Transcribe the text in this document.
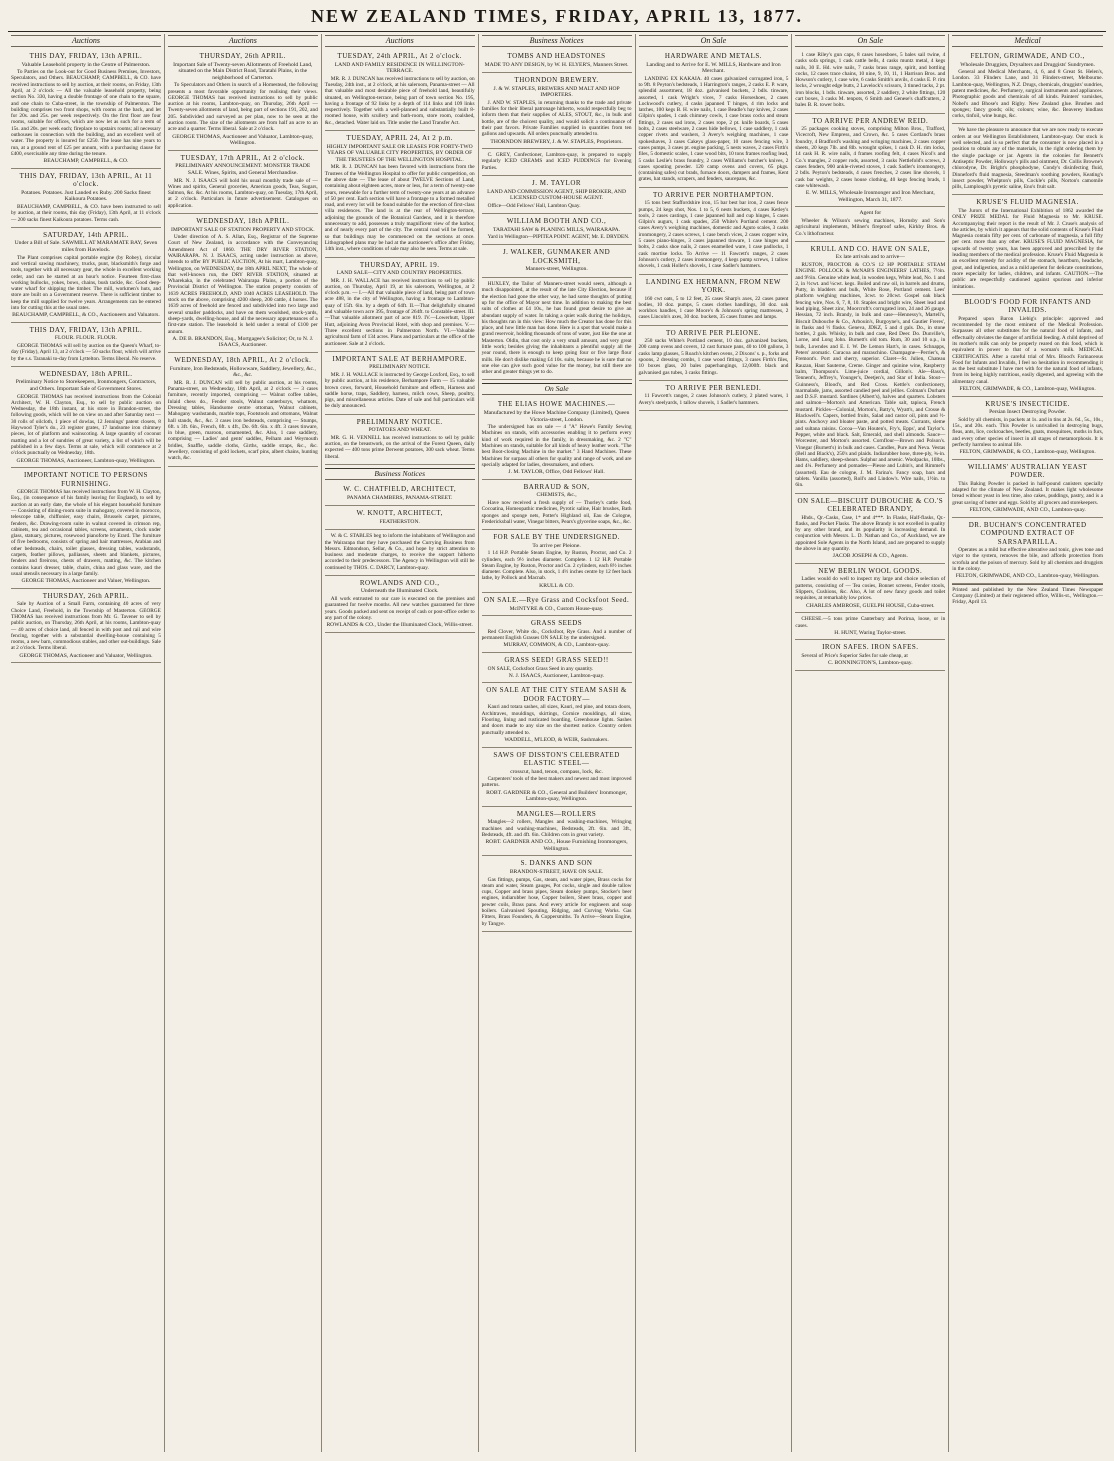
NEW ZEALAND TIMES, FRIDAY, APRIL 13, 1877.
Auctions
THIS DAY, FRIDAY, 13th APRIL.
Valuable Leasehold property in the Centre of Palmerston.

To Parties on the Look-out for Good Business Premises, Investors, Speculators, and Others. BEAUCHAMP, CAMPBELL, & CO. have received instructions to sell by auction, at their rooms, on Friday, 13th April, at 2 o'clock — All the valuable leasehold property, being section No. 330, having a double frontage of one chain to the square, and one chain to Cuba-street, in the township of Palmerston. The building comprises two front shops, with rooms at the back, and let for 20s. and 25s. per week respectively. On the first floor are four rooms, suitable for offices, which are now let as such for a term of 15s. and 20s. per week each; fireplace to upstairs rooms; all necessary outhouses in connection with the building, and an excellent well of water. The property is insured for £250. The lease has nine years to run, at a ground rent of £25 per annum, with a purchasing clause for £400, exercisable any time during the tenure.

BEAUCHAMP, CAMPBELL, & CO.
THIS DAY, FRIDAY, 13th APRIL, At 11 o'clock.
Potatoes. Potatoes. Just Landed ex Ruby. 200 Sacks finest Kaikoura Potatoes.

BEAUCHAMP, CAMPBELL, & CO. have been instructed to sell by auction, at their rooms, this day (Friday), 13th April, at 11 o'clock — 200 sacks finest Kaikoura potatoes. Terms cash.

SATURDAY, 14th APRIL.
Under a Bill of Sale. SAWMILL AT MARAMATE BAY, Seven miles from Havelock.

The Plant comprises capital portable engine (by Robey), circular and vertical sawing machinery, trucks, punt, blacksmith's forge and tools, together with all necessary gear, the whole in excellent working order, and can be started at an hour's notice. Fourteen first-class working bullocks, yokes, bows, chains, bush tackle, &c. Good deep-water wharf for shipping the timber. The mill, workmen's huts, and store are built on a Government reserve. There is sufficient timber to keep the mill supplied for twelve years. Arrangements can be entered into for cutting this at the usual rates.

BEAUCHAMP, CAMPBELL, & CO., Auctioneers and Valuators.
THIS DAY, FRIDAY, 13th APRIL.
FLOUR. FLOUR. FLOUR.

GEORGE THOMAS will sell by auction on the Queen's Wharf, to-day (Friday), April 13, at 2 o'clock — 50 sacks flour, which will arrive by the s.s. Taranaki to-day from Lyttelton. Terms liberal. No reserve.

WEDNESDAY, 18th APRIL.
Preliminary Notice to Storekeepers, Ironmongers, Contractors, and Others. Important Sale of Government Stores.

GEORGE THOMAS has received instructions from the Colonial Architect, W. H. Clayton, Esq., to sell by public auction on Wednesday, the 18th instant, at his store in Brandon-street, the following goods, which will be on view on and after Saturday next — 30 rolls of oilcloth, 1 piece of dowlas, 12 Jennings' patent closets, 8 Haywood Tyler's do., 23 register grates, 17 landsome iron chimney pieces, lot of platform and wainscoting. A large quantity of coconut matting and a lot of sundries of great variety, a list of which will be published in a few days. Terms at sale, which will commence at 2 o'clock punctually on Wednesday, 18th.

GEORGE THOMAS, Auctioneer, Lambton-quay, Wellington.
IMPORTANT NOTICE TO PERSONS FURNISHING.

GEORGE THOMAS has received instructions from W. H. Clayton, Esq., (in consequence of his family leaving for England), to sell by auction at an early date, the whole of his elegant household furniture — Consisting of dining-room suite in mahogany, covered in morocco, telescope table, chiffonier, easy chairs, Brussels carpet, pictures, fenders, &c. Drawing-room suite in walnut covered in crimson rep, cabinets, tea and occasional tables, screens, ornaments, clock under glass, statuary, pictures, rosewood pianoforte by Erard. The furniture of five bedrooms, consists of spring and hair mattresses, Arabian and other bedsteads, chairs, toilet glasses, dressing tables, washstands, carpets, feather pillows, palliasses, sheets and blankets, pictures, fenders and fireirons, chests of drawers, matting, &c. The kitchen contains kauri dresser, table, chairs, china and glass ware, and the usual utensils necessary in a large family.

GEORGE THOMAS, Auctioneer and Valuer, Wellington.
THURSDAY, 26th APRIL.

Sale by Auction of a Small Farm, containing 40 acres of very Choice Land, Freehold, in the Township of Masterton. GEORGE THOMAS has received instructions from Mr. G. Tavener to sell by public auction, on Thursday, 26th April, at his rooms, Lambton-quay — 40 acres of choice land, all fenced in with post and rail and wire fencing, together with a substantial dwelling-house containing 5 rooms, a new barn, commodious stables, and other out-buildings. Sale at 2 o'clock. Terms liberal.

GEORGE THOMAS, Auctioneer and Valuator, Wellington.
Auctions
THURSDAY, 26th APRIL.
Important Sale of Twenty-seven Allotments of Freehold Land, situated on the Main District Road, Taratahi Plains, in the neighborhood of Carterton.

To Speculators and Others in search of a Homestead, the following presents a most favorable opportunity for realising their views. GEORGE THOMAS has received instructions to sell by public auction at his rooms, Lambton-quay, on Thursday, 26th April — Twenty-seven allotments of land, being part of sections 191, 202, and 205. Subdivided and surveyed as per plan, now to be seen at the auction room. The size of the allotments are from half an acre to an acre and a quarter. Terms liberal. Sale at 2 o'clock.

GEORGE THOMAS, Auctioneer and Valuator, Lambton-quay, Wellington.
TUESDAY, 17th APRIL, At 2 o'clock.
PRELIMINARY ANNOUNCEMENT. MONSTER TRADE SALE. Wines, Spirits, and General Merchandise.

MR. N. J. ISAACS will hold his usual monthly trade sale of — Wines and spirits, General groceries, American goods, Teas, Sugars, Salmon, &c. &c. At his rooms, Lambton-quay, on Tuesday, 17th April, at 2 o'clock. Particulars in future advertisement. Catalogues on application.

WEDNESDAY, 18th APRIL.
IMPORTANT SALE OF STATION PROPERTY AND STOCK.

Under direction of A. S. Allan, Esq., Registrar of the Supreme Court of New Zealand, in accordance with the Conveyancing Amendment Act of 1860. THE DRY RIVER STATION, WAIRARAPA. N. J. ISAACS, acting under instruction as above, intends to offer BY PUBLIC AUCTION, At his mart, Lambton-quay, Wellington, on WEDNESDAY, the 18th APRIL NEXT, The whole of that well-known run, the DRY RIVER STATION, situated at Wharekaka, in the celebrated Wairarapa Plains, a portion of the Provincial District of Wellington. The station property consists of 1639 ACRES FREEHOLD, AND 1040 ACRES LEASEHOLD. The stock on the above, comprising 4200 sheep, 200 cattle, 4 horses. The 1639 acres of freehold are fenced and subdivided into two large and several smaller paddocks, and have on them woolshed, stock-yards, sheep-yards, dwelling-house, and all the necessary appurtenances of a first-rate station. The leasehold is held under a rental of £100 per annum.

A. DE B. BRANDON, Esq., Mortgagee's Solicitor; Or, to N. J. ISAACS, Auctioneer.
WEDNESDAY, 18th APRIL, At 2 o'clock.
Furniture, Iron Bedsteads, Hollowware, Saddlery, Jewellery, &c., &c., &c.

MR. R. J. DUNCAN will sell by public auction, at his rooms, Panama-street, on Wednesday, 18th April, at 2 o'clock — 3 cases furniture, recently imported, comprising — Walnut coffee tables, Inlaid chess do., Fender stools, Walnut canterburys, whatnots, Dressing tables, Handsome centre ottoman, Walnut cabinets, Mahogany washstands, marble tops, Footstools and ottomans, Walnut hall stands, &c., &c. 3 cases iron bedsteads, comprising — Stumps, 6ft. x 3ft. 6in., French, 6ft. x 4ft., Do. 6ft. 6in. x 4ft. 3 cases tinware, in blue, green, maroon, ornamented, &c. Also, 1 case saddlery, comprising — Ladies' and gents' saddles, Pelham and Weymouth bridles, Snaffle, saddle cloths, Girths, saddle straps, &c., &c. Jewellery, consisting of gold lockets, scarf pins, albert chains, hunting watch, &c.

Auctions
TUESDAY, 24th APRIL, At 2 o'clock.
LAND AND FAMILY RESIDENCE IN WELLINGTON-TERRACE.

MR. R. J. DUNCAN has received instructions to sell by auction, on Tuesday, 24th inst., at 2 o'clock, at his saleroom, Panama-street — All that valuable and most desirable piece of freehold land, beautifully situated, on Wellington-terrace, being part of town section No. 195, having a frontage of 92 links by a depth of 114 links and 109 links respectively. Together with a well-planned and substantially built 8-roomed house, with scullery and bath-room, store room, coalshed, &c., detached. Water laid on. Title under the Land Transfer Act.

TUESDAY, APRIL 24, At 2 p.m.
HIGHLY IMPORTANT SALE OR LEASES FOR FORTY-TWO YEARS OF VALUABLE CITY PROPERTIES, BY ORDER OF THE TRUSTEES OF THE WELLINGTON HOSPITAL.

MR. R. J. DUNCAN has been favored with instructions from the Trustees of the Wellington Hospital to offer for public competition, on the above date — The lease of about TWELVE Sections of Land, containing about eighteen acres, more or less, for a term of twenty-one years, renewable for a further term of twenty-one years at an advance of 50 per cent. Each section will have a frontage to a formed metalled road, and every lot will be found suitable for the erection of first-class villa residences. The land is at the rear of Wellington-terrace, adjoining the grounds of the Botanical Gardens, and it is therefore unnecessary to add, possesses a truly magnificent view of the harbor, and of nearly every part of the city. The central road will be formed, so that buildings may be commenced on the sections at once. Lithographed plans may be had at the auctioneer's office after Friday, 14th inst., where conditions of sale may also be seen. Terms at sale.

THURSDAY, APRIL 19.
LAND SALE—CITY AND COUNTRY PROPERTIES.

MR. J. H. WALLACE has received instructions to sell by public auction, on Thursday, April 19, at his saleroom, Wellington, at 2 o'clock p.m. — I.—All that valuable piece of land, being part of town acre 488, in the city of Wellington, having a frontage to Lambton-quay of 15ft. 6in. by a depth of 64ft. II.—That delightfully situated and valuable town acre 395, frontage of 264ft. to Constable-street. III.—That valuable allotment part of acre 819. IV.—Lowerhutt, Upper Hutt, adjoining Avon Provincial Hotel, with shop and premises. V.—Three excellent sections in Palmerston North. VI.—Valuable agricultural farm of 134 acres. Plans and particulars at the office of the auctioneer. Sale at 2 o'clock.

IMPORTANT SALE AT BERHAMPORE.
PRELIMINARY NOTICE.

MR. J. H. WALLACE is instructed by George Loxford, Esq., to sell by public auction, at his residence, Berhampore Farm — 15 valuable brown cows, forward, Household furniture and effects, Harness and saddle horse, traps, Saddlery, harness, milch cows, Sheep, poultry, pigs, and miscellaneous articles. Date of sale and full particulars will be duly announced.

PRELIMINARY NOTICE.
POTATOES AND WHEAT.

MR. G. H. VENNELL has received instructions to sell by public auction, on the breastwork, on the arrival of the Forest Queen, daily expected — 400 tons prime Derwent potatoes, 300 sack wheat. Terms liberal.

Business Notices
W. C. CHATFIELD, ARCHITECT,
PANAMA CHAMBERS, PANAMA-STREET.
W. KNOTT, ARCHITECT,
FEATHERSTON.

W. & C. STABLES beg to inform the inhabitants of Wellington and the Wairarapa that they have purchased the Currying Business from Messrs. Edmondson, Sellar, & Co., and hope by strict attention to business and moderate charges, to receive the support hitherto accorded to their predecessors. The Agency in Wellington will still be continued by THOS. C. DARCY, Lambton-quay.

ROWLANDS AND CO.,
Underneath the Illuminated Clock.

All work entrusted to our care is executed on the premises and guaranteed for twelve months. All new watches guaranteed for three years. Goods packed and sent on receipt of cash or post-office order to any part of the colony.

ROWLANDS & CO., Under the Illuminated Clock, Willis-street.
Business Notices
TOMBS AND HEADSTONES
MADE TO ANY DESIGN, by W. H. ELYER'S, Manners Street.
THORNDON BREWERY.
J. & W. STAPLES, BREWERS AND MALT AND HOP IMPORTERS.

J. AND W. STAPLES, in returning thanks to the trade and private families for their liberal patronage hitherto, would respectfully beg to inform them that their supplies of ALES, STOUT, &c., in bulk and bottle, are of the choicest quality, and would solicit a continuance of their past favors. Private Families supplied in quantities from ten gallons and upwards. All orders punctually attended to.

THORNDON BREWERY, J. & W. STAPLES, Proprietors.

C. GREY, Confectioner, Lambton-quay, is prepared to supply regularly ICED CREAMS and ICED PUDDINGS for Evening Parties.

J. M. TAYLOR
LAND AND COMMISSION AGENT, SHIP BROKER, AND LICENSED CUSTOM-HOUSE AGENT.

Office—Odd Fellows' Hall, Lambton Quay.

WILLIAM BOOTH AND CO.,
TARATAHI SAW & PLANING MILLS, WAIRARAPA.

Yard in Wellington—PIPITEA POINT. AGENT, Mr. E. DRYDEN.

J. WALKER, GUNMAKER AND LOCKSMITH,
Manners-street, Wellington.

HUXLEY, the Tailor of Manners-street would seem, although a much disappointed, at the result of the late City Election, because if the election had gone the other way, he had some thoughts of putting up for the office of Mayor next time. In addition to making the best suits of clothes at £4 10s., he has found great desire to give an abundant supply of water. In taking a quiet walk during the holidays, his thoughts ran in this view: How much the Creator has done for this place, and how little man has done. Here is a spot that would make a grand reservoir, holding thousands of tons of water, just like the one at Masterton. Oldin, that cost only a very small amount, and very great little work; besides giving the inhabitants a plentiful supply all the year round, there is enough to keep going four or five large flour mills. He don't dislike making £4 10s. suits, because he is sure that no one else can give such good value for the money, but still there are other and greater things yet to do.

On Sale
THE ELIAS HOWE MACHINES.—
Manufactured by the Howe Machine Company (Limited), Queen Victoria-street, London.

The undersigned has on sale — 4 "A" Howe's Family Sewing Machines on stands, with accessories enabling it to perform every kind of work required in the family, in dressmaking, &c. 2 "C" Machines on stands, suitable for all kinds of heavy leather work. "The best Boot-closing Machine in the market." 3 Hand Machines. These Machines for surpass all others for quality and range of work, and are specially adapted for ladies, dressmakers, and others.

J. M. TAYLOR, Office, Odd Fellows' Hall.
BARRAUD & SON,
CHEMISTS, &c.,

Have now received a fresh supply of — Thorley's cattle food, Cocoatina, Homeopathic medicines, Pyrotic saline, Hair brushes, Bath sponges and sponge nets, Potter's Highland oil, Eau de Cologne, Fredericksball water, Vinegar bitters, Pears's glycerine soaps, &c., &c.

FOR SALE BY THE UNDERSIGNED.
To arrive per Pleione.

1 14 H.P. Portable Steam Engine, by Ruston, Proctor, and Co. 2 cylinders, each 9½ inches diameter. Complete. 1 12 H.P. Portable Steam Engine, by Ruston, Proctor and Co. 2 cylinders, each 8½ inches diameter. Complete. Also, in stock, 1 4½ inches centre by 12 feet back lathe, by Pollock and Macnab.

KRULL & CO.
ON SALE.—Rye Grass and Cocksfoot Seed.
McINTYRE & CO., Custom House-quay.
GRASS SEEDS

Red Clover, White do., Cocksfoot, Rye Grass. And a number of permanent English Grasses ON SALE by the undersigned.

MURRAY, COMMON, & CO., Lambton-quay.
GRASS SEED! GRASS SEED!!

ON SALE, Cocksfoot Grass Seed in any quantity.

N. J. ISAACS, Auctioneer, Lambton-quay.
ON SALE AT THE CITY STEAM SASH & DOOR FACTORY—

Kauri and totara sashes, all sizes, Kauri, red pine, and totara doors, Architraves, mouldings, skirtings, Cornice mouldings, all sizes, Flooring, lining and rusticated boarding, Greenhouse lights. Sashes and doors made to any size on the shortest notice. Country orders punctually attended to.

WADDELL, M'LEOD, & WEIR, Sashmakers.
SAWS OF DISSTON'S CELEBRATED ELASTIC STEEL—
crosscut, hand, tenon, compass, lock, &c.

Carpenters' tools of the best makers and newest and most improved patterns.

ROBT. GARDNER & CO., General and Builders' Ironmonger, Lambton-quay, Wellington.
MANGLES—ROLLERS

Mangles—2 rollers, Mangles and washing-machines, Wringing machines and washing-machines, Bedsteads, 2ft. 6in. and 3ft., Bedsteads, 4ft. and 4ft. 6in. Children cots in great variety.

ROBT. GARDNER AND CO., House Furnishing Ironmongers, Wellington.
S. DANKS AND SON
BRANDON-STREET, HAVE ON SALE.

Gas fittings, pumps, Gas, steam, and water pipes, Brass cocks for steam and water, Steam gauges, Pot cocks, single and double tallow cups, Copper and brass pipes, Steam donkey pumps, Stocker's beer engines, indiarubber hose, Copper boilers, Sheet brass, copper and pewter coils, Brass pans. And every article for engineers and soap boilers. Galvanised Spouting, Ridging, and Curving Works. Gas Fitters, Brass Founders, & Coppersmiths. To Arrive—Steam Engine, by Tangye.

On Sale
HARDWARE AND METALS.
Landing and to Arrive for E. W. MILLS, Hardware and Iron Merchant.

LANDING EX KAKAIA. 40 cases galvanized corrugated iron, 5 to 9ft. 8 Peyton's bedsteads, 1 Harrington's ranges, 2 casks E. P. ware, splendid assortment, 18 doz. galvanised buckets, 2 bdls. tinware, assorted, 1 cask Wright's vices, 7 casks Horseshoes, 2 cases Lockwood's cutlery, 4 casks japanned T hinges, 4 rim locks and latches, 100 kegs B. H. wire nails, 1 case Beadle's hay knives, 2 cases Gilpin's spades, 1 cask chimney cowls, 1 case brass cocks and steam fittings, 2 cases sad irons, 2 cases rope, 2 pt. knife boards, 5 cases bolts, 2 cases steelware, 2 cases hide bellows, 1 case saddlery, 1 cask copper rivets and washers, 3 Avery's weighing machines, 1 case spokeshaves, 3 cases Cakeys glass-paper, 10 cases fencing wire, 3 cases pumps, 3 cases pt. engine packing, 5 nests waves, 2 cases Firth's files, 5 domestic scales, 1 case wood bits, 10 tons frames roofing lead, 5 casks Leslie's brass foundry, 2 cases Williams's butcher's knives, 2 cases spouting powder. 120 camp ovens and covers, 65 pkgs. (containing safes) cut brads, furnace doors, dampers and frames, Kent grates, hat stands, scrapers, and fenders, saucepans, &c.

TO ARRIVE PER NORTHAMPTON.

15 tons best Staffordshire iron, 15 bar best bar iron, 2 cases fence pumps, 24 kegs shot, Nos. 1 to 5, 6 nests buckets, 4 cases Ketley's tools, 2 cases castings, 1 case japanned ball and cup hinges, 5 cases Gilpin's augurs, 1 cask spades, 250 White's Portland cement. 200 cases Avery's weighing machines, domestic and Aguto scales, 3 casks ironmongery, 2 cases screws, 1 case bench vices, 2 cases copper wire, 5 cases piano-hinges, 3 cases japanned tinware, 1 case hinges and bolts, 2 casks shoe nails, 2 cases enamelled ware, 1 case padlocks, 1 cask mortise locks. To Arrive — 11 Fawcett's ranges, 2 cases Johnson's cutlery, 2 cases ironmongery, 4 kegs pump screws, 1 tallow shovels, 1 cask Holler's shovels, 1 case Sadler's hammers.

LANDING EX HERMANN, FROM NEW YORK.

160 cwt oats, 5 to 12 feet, 25 cases Sharp's axes, 22 cases patent bodies, 10 doz. pumps, 5 cases clothes handlings, 30 doz. oak workbox handles, 1 case Moore's & Johnson's spring mattresses, 2 cases Lincoln's axes, 30 doz. buckets, 35 cases frames and lamps.

TO ARRIVE PER PLEIONE.

250 sacks White's Portland cement, 10 doz. galvanized buckets, 200 camp ovens and covers, 12 cast furnace pans, 40 to 100 gallons, 3 casks lamp glasses, 5 Roach's kitchen ovens, 2 Dixons' s. p., forks and spoons, 2 dressing combs, 1 case wood fittings, 3 cases Firth's files, 10 boxes glass, 20 bales paperhangings, 12,000ft. black and galvanised gas tubes, 3 casks fittings.

TO ARRIVE PER BENLEDI.

11 Fawcett's ranges, 2 cases Johnson's cutlery, 2 plated wares, 1 Avery's steelyards, 1 tallow shovels, 1 Sadler's hammers.

On Sale

1 case Riley's gun caps, 8 cases hosesboes, 5 bales sail twine, 4 casks sofa springs, 1 cask cattle bells, 4 casks muntz metal, 4 kegs nails, 30 E. Hd. wire nails, 7 casks brass range, spirit, and bottling cocks, 12 cases trace chains, 10 nine, 9, 10, 11, 1 Harrison Bros. and Howson's cutlery, 1 case wire, 6 casks Smith's anvils, 4 casks E. P. rim locks, 2 wrought edge butts, 2 Lavelock's scissors, 3 tinned tacks, 2 pt. iron blocks, 1 bdls. tinware, assorted, 2 saddlery, 2 white fittings, 120 cart boxes, 3 casks M. tenpots, 6 Smith and Genese's chaffcutters, 2 bales B. R. tower bolts.

TO ARRIVE PER ANDREW REID.

25 packages cooking stoves, comprising Milton Bros., Trafford, Vicecroft, New Empress, and Crown, &c. 5 cases Cortland's brass foundry, 4 Bradford's washing and wringing machines, 2 cases copper sheets, 20 kegs 7lb. and 8lb. wrought spikes, 1 cask D. H. rim locks, 14 cask H. R. wire nails, 4 frames roofing felt, 4 cases Nicol's and Co.'s mangles, 2 copper rods, assorted, 3 casks Nettlefold's screws, 2 cases fenders, 900 ankle-riveted stoves, 1 cask Sadler's ironmongery, 2 bdls. Peyton's bedsteads, 4 cases frenches, 2 cases line shovels, 1 cask bar weights, 2 cases house clothing, 40 kegs fencing brads, 1 case whitewash.

E. W. MILLS, Wholesale Ironmonger and Iron Merchant, Wellington, March 31, 1877.
Agent for

Wheeler & Wilson's sewing machines, Hornsby and Son's agricultural implements, Milner's fireproof safes, Kirkby Bros. & Co.'s lithofracteur.

KRULL AND CO. HAVE ON SALE,
Ex late arrivals and to arrive—

RUSTON, PROCTOR & CO.'S 12 HP PORTABLE STEAM ENGINE. POLLOCK & McNAB'S ENGINEERS' LATHES, 7½in. and 9½in. Genuine white lead, in wooden kegs, White lead, No. 1 and 2, in ½cwt. and ¼cwt. kegs. Boiled and raw oil, in barrels and drums, Putty, in bladders and bulk, White Rose, Portland cement. Lees' platform weighing machines, 3cwt. to 20cwt. Gospel oak black fencing wire, Nos. 6, 7, 8, 10. Staples and bright wire, Sheet lead and lead piping, Sheet zinc, Moorcroft's corrugated iron, 24 and 26 gauge. Hessian, 72 inch. Brandy, in bulk and case—Hennessy's, Martell's, Biscuit Dubouche & Co., Arbouin's, Burgoyne's, and Gautier Freres', in flasks and ½ flasks. Geneva, JDKZ, 5 and 4 gals. Do., in stone bottles, 2 gals. Whisky, in bulk and case, Red Deer. Do. Dunville's, Lorne, and Long John. Burnett's old tom. Rum, 30 and 10 o.p., in bulk, Lowndes and E. I. W. De Lemon Hart's, in cases. Schnapps, Peters' aromatic. Curacoa and maraschino. Champagne—Perrier's, & Fremont's. Port and sherry, superior. Claret—St. Julien, Chateau Rauzan, Haut Sauterne, Creme. Ginger and quinine wine, Raspberry balm, Thompson's. Lime-juice cordial, Gillon's. Ale—Bass's, Tennent's, Jeffrey's, Younger's, Deetjen's, and Star of India. Stout—Guinness's, Blood's, and Red Cross. Kettle's confectionery, marmalade, jams, assorted candied peel and jellies. Colman's Durham and D.S.F. mustard. Sardines (Albert's), halves and quarters. Lobsters and salmon—Morton's and American. Table salt, tapioca, French mustard. Pickles—Colonial, Morton's, Batty's, Wyatt's, and Crosse & Blackwell's. Capers, bottled fruits, Salad and castor oil, pints and ½-pints. Anchovy and bloater paste, and potted meats. Currants, sleme and sultana raisins. Cocoa—Van Houten's, Fry's, Epps', and Taylor's. Pepper, white and black. Salt, Emerald, and shell almonds. Sauce—Worcester, and Morton's assorted. Cornflour—Brown and Polson's. Vinegar (Burnett's) in bulk and cases. Candles, Pure and Neva. Vestas (Bell and Black's), 250's and plaids. Indiarubber hose, three-ply, ¾-in. Hams, saddlery, sheep-shears. Sulphur and arsenic. Woolpacks, 10lbs., and 4¼. Perfumery and pomades—Piesse and Lubin's, and Rimmel's (assorted). Eau de cologne, J. M. Farina's. Fancy soap, bars and tablets. Vanilla (assorted), Roll's and Lindow's. Wire nails, 1½in. to 6in.

ON SALE—BISCUIT DUBOUCHE & CO.'S CELEBRATED BRANDY,

Hhds., Qr.-Casks, Case, 1* and 4***. In Flasks, Half-flasks, Qr.-flasks, and Pocket Flasks. The above Brandy is not excelled in quality by any other brand, and its popularity is increasing demand. In conjunction with Messrs. L. D. Nathan and Co., of Auckland, we are appointed Sole Agents in the North Island, and are prepared to supply the above in any quantity.

JACOB JOSEPH & CO., Agents.
NEW BERLIN WOOL GOODS.

Ladies would do well to inspect my large and choice selection of patterns, consisting of — Tea cosies, Bonnet screens, Fender stools, Slippers, Cushions, &c. Also, A lot of new fancy goods and toilet requisites, at remarkably low prices.

CHARLES AMBROSE, GUELPH HOUSE, Cuba-street.

CHEESE.—5 tons prime Canterbury and Porirua, loose, or in cases.

H. HUNT, Waring Taylor-street.
IRON SAFES. IRON SAFES.

Several of Price's Superior Safes for sale cheap, at

C. BONNINGTON'S, Lambton-quay.
Medical
FELTON, GRIMWADE, AND CO.,
Wholesale Druggists, Drysalters and Druggists' Sundrymen.

General and Medical Merchants, 4, 6, and 8 Great St. Helen's, London. 33 Flinders Lane, and 31 Flinders-street, Melbourne. Lambton-quay, Wellington, N.Z. Drugs, chemicals, druggists' sundries, patent medicines, &c. Perfumery, surgical instruments and appliances. Photographic goods and chemicals of all kinds. Painters' varnishes, Nobel's and Bhose's and Rigby. New Zealand glue. Brushes and sponges; fancy goods; oils; colours; wine, &c. Beaverey bindlass corks, tinfoil, wine bungs, &c.

We have the pleasure to announce that we are now ready to execute orders at our Wellington Establishment, Lambton-quay. Our stock is well selected, and is so perfect that the consumer is now placed in a position to obtain any of the materials, in the right ordering them by the single package or jar. Agents in the colonies for Bennett's Antiseptic Powder, Holloway's pills and ointment, Dr. Collis Browne's chlorodyne, Dr. Bright's phosphodyne, Condy's disinfecting fluid, Dinneford's fluid magnesia, Steedman's soothing powders, Keating's insect powder, Whelpton's pills, Cockle's pills, Norton's camomile pills, Lamplough's pyretic saline, Eno's fruit salt.

KRUSE'S FLUID MAGNESIA.

The Jurors of the International Exhibition of 1862 awarded the ONLY PRIZE MEDAL for Fluid Magnesia to Mr. KRUSE. Accompanying their report is the result of Mr. J. Cruse's analysis of the articles, by which it appears that the solid contents of Kruse's Fluid Magnesia contain fifty per cent. of carbonate of magnesia, a full fifty per cent. more than any other. KRUSE'S FLUID MAGNESIA, for upwards of twenty years, has been approved and prescribed by the leading members of the medical profession. Kruse's Fluid Magnesia is an excellent remedy for acidity of the stomach, heartburn, headache, gout, and indigestion, and as a mild aperient for delicate constitutions, more especially for ladies, children, and infants. CAUTION.—The public are respectfully cautioned against spurious and inferior imitations.

BLOOD'S FOOD FOR INFANTS AND INVALIDS.

Prepared upon Baron Liebig's principle: approved and recommended by the most eminent of the Medical Profession. Surpasses all other substitutes for the natural food of infants, and effectually obviates the danger of artificial feeding. A child deprived of its mother's milk can only be properly reared on this food, which is equivalent in power to that of a woman's milk. MEDICAL CERTIFICATES. After a careful trial of Mrs. Blood's Farinaceous Food for Infants and Invalids, I feel no hesitation in recommending it as the best substitute I have met with for the natural food of infants, from its being highly nutritious, easily digested, and agreeing with the alimentary canal.

FELTON, GRIMWADE, & CO., Lambton-quay, Wellington.
KRUSE'S INSECTICIDE.
Persian Insect Destroying Powder.

Sold by all chemists, in packets at 1s. and in tins at 2s. 6d., 5s., 10s., 15s., and 20s. each. This Powder is unrivalled in destroying bugs, fleas, ants, lice, cockroaches, beetles, gnats, mosquitoes, moths in furs, and every other species of insect in all stages of metamorphosis. It is perfectly harmless to animal life.

FELTON, GRIMWADE, & CO., Lambton-quay, Wellington.
WILLIAMS' AUSTRALIAN YEAST POWDER.

This Baking Powder is packed in half-pound canisters specially adapted for the climate of New Zealand. It makes light wholesome bread without yeast in less time, also cakes, puddings, pastry, and is a great saving of butter and eggs. Sold by all grocers and storekeepers.

FELTON, GRIMWADE, AND CO., Lambton-quay.
DR. BUCHAN'S CONCENTRATED COMPOUND EXTRACT OF SARSAPARILLA.

Operates as a mild but effective alterative and tonic, gives tone and vigor to the system, removes the bile, and affords protection from scrofula and the poison of mercury. Sold by all chemists and druggists in the colony.

FELTON, GRIMWADE, AND CO., Lambton-quay, Wellington.
Printed and published by the New Zealand Times Newspaper Company (Limited) at their registered office, Willis-st., Wellington.—Friday, April 13.
